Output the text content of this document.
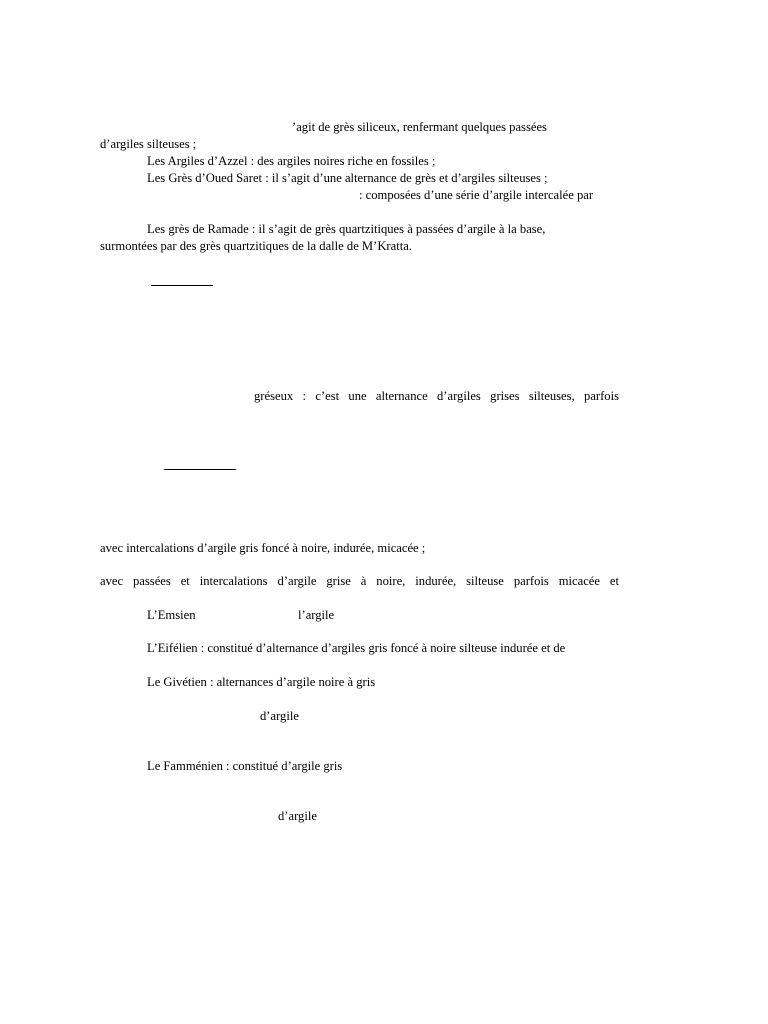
’agit de grès siliceux, renfermant quelques passées
d’argiles silteuses ;
Les Argiles d’Azzel : des argiles noires riche en fossiles ;
Les Grès d’Oued Saret : il s’agit d’une alternance de grès et d’argiles silteuses ;
: composées d’une série d’argile intercalée par
Les grès de Ramade : il s’agit de grès quartzitiques à passées d’argile à la base,
surmontées par des grès quartzitiques de la dalle de M’Kratta.
gréseux : c’est une alternance d’argiles grises silteuses, parfois
avec intercalations d’argile gris foncé à noire, indurée, micacée ;
avec passées et intercalations d’argile grise à noire, indurée, silteuse parfois micacée et
L’Emsien	l’argile
L’Eifélien : constitué d’alternance d’argiles gris foncé à noire silteuse indurée et de
Le Givétien : alternances d’argile noire à gris
d’argile
Le Famménien : constitué d’argile gris
d’argile
